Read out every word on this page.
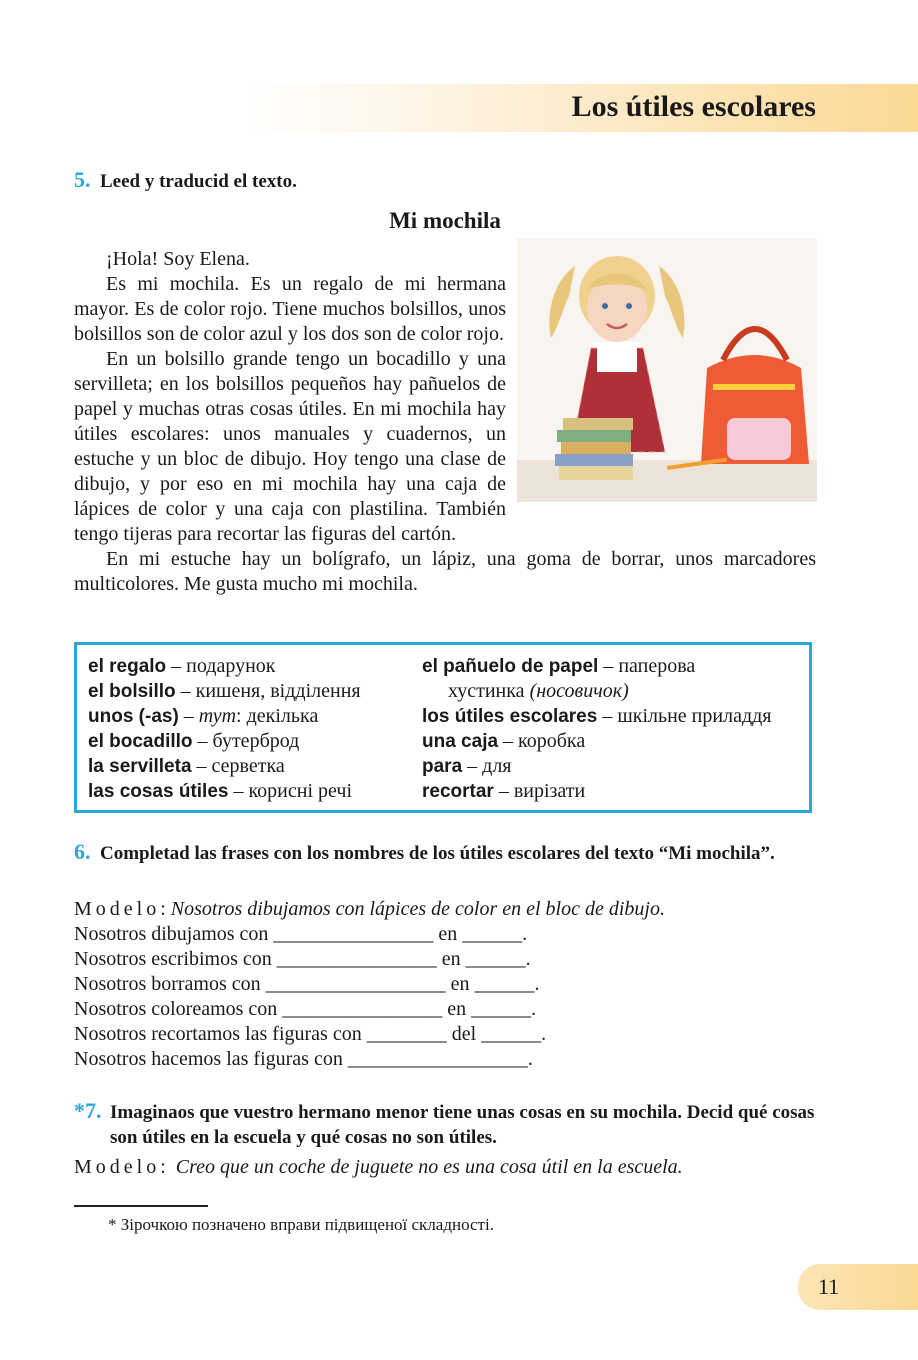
Los útiles escolares
5. Leed y traducid el texto.
Mi mochila

¡Hola! Soy Elena.

Es mi mochila. Es un regalo de mi hermana mayor. Es de color rojo. Tiene muchos bolsillos, unos bolsillos son de color azul y los dos son de color rojo.

En un bolsillo grande tengo un bocadillo y una servilleta; en los bolsillos pequeños hay pañuelos de papel y muchas otras cosas útiles. En mi mochila hay útiles escolares: unos manuales y cuadernos, un estuche y un bloc de dibujo. Hoy tengo una clase de dibujo, y por eso en mi mochila hay una caja de lápices de color y una caja con plastilina. También tengo tijeras para recortar las figuras del cartón.

En mi estuche hay un bolígrafo, un lápiz, una goma de borrar, unos marcadores multicolores. Me gusta mucho mi mochila.

el regalo – подарунок
el bolsillo – кишеня, відділення
unos (-as) – тут: декілька
el bocadillo – бутерброд
la servilleta – серветка
las cosas útiles – корисні речі
el pañuelo de papel – паперова
хустинка (носовичок)
los útiles escolares – шкільне приладдя
una caja – коробка
para – для
recortar – вирізати
6. Completad las frases con los nombres de los útiles escolares del texto “Mi mochila”.
Modelo: Nosotros dibujamos con lápices de color en el bloc de dibujo.
Nosotros dibujamos con ________________ en ______.
Nosotros escribimos con ________________ en ______.
Nosotros borramos con __________________ en ______.
Nosotros coloreamos con ________________ en ______.
Nosotros recortamos las figuras con ________ del ______.
Nosotros hacemos las figuras con __________________.
*7. Imaginaos que vuestro hermano menor tiene unas cosas en su mochila. Decid qué cosas son útiles en la escuela y qué cosas no son útiles.
Modelo:  Creo que un coche de juguete no es una cosa útil en la escuela.

* Зірочкою позначено вправи підвищеної складності.

11
